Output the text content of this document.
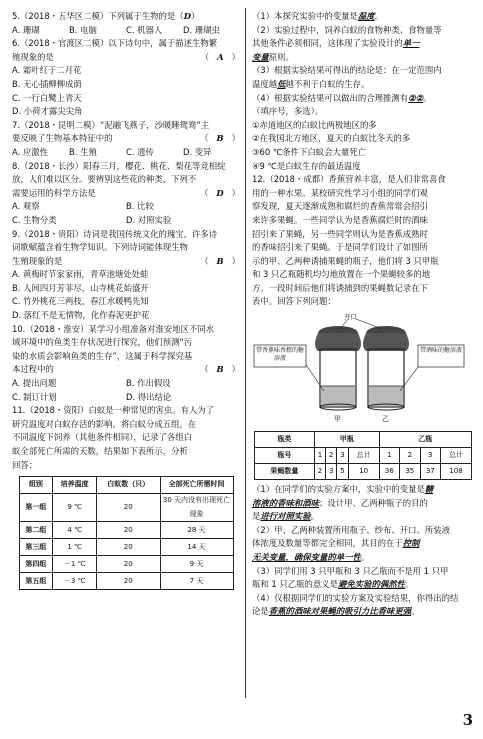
5.（2018・五华区二模）下列属于生物的是（D）
A. 珊瑚	B. 电脑	C. 机器人	D. 珊瑚虫
6.（2018・官渡区二模）以下诗句中，属于描述生物繁
殖现象的是	（   A   ）
A. 霜叶红于二月花
B. 无心插柳柳成荫
C. 一行白鹭上青天
D. 小荷才露尖尖角
7.（2018・昆明二模）“泥融飞燕子，沙暖睡鸳鸯”主
要反映了生物基本特征中的	（   B   ）
A. 应激性	B. 生殖	C. 遗传	D. 变异
8.（2018・长沙）阳春三月，樱花、桃花、梨花等竞相绽
放，人们难以区分。要辨别这些花的种类，下列不
需要运用的科学方法是	（   D   ）
A. 观察	B. 比较
C. 生物分类	D. 对照实验
9.（2018・贵阳）诗词是我国传统文化的瑰宝，许多诗
词歌赋蕴含着生物学知识。下列诗词能体现生物
生殖现象的是	（   B   ）
A. 黄梅时节家家雨，青草池塘处处蛙
B. 人间四月芳菲尽，山寺桃花始盛开
C. 竹外桃花三两枝，春江水暖鸭先知
D. 落红不是无情物，化作春泥更护花
10.（2018・淮安）某学习小组准备对淮安地区不同水
域环境中的鱼类生存状况进行探究，他们预测“污
染的水质会影响鱼类的生存”，这属于科学探究基
本过程中的	（   B   ）
A. 提出问题	B. 作出假设
C. 制订计划	D. 得出结论
11.（2018・资阳）白蚁是一种常见的害虫。有人为了
研究温度对白蚁存活的影响，将白蚁分成五组，在
不同温度下饲养（其他条件相同），记录了各组白
蚁全部死亡所需的天数，结果如下表所示，分析
回答：
组别	培养温度	白蚁数（只）	全部死亡所需时间
第一组	9 ℃	20	30 天内没有出现死亡现象
第二组	4 ℃	20	28 天
第三组	1 ℃	20	14 天
第四组	－1 ℃	20	9 天
第五组	－3 ℃	20	7 天
（1）本探究实验中的变量是温度。
（2）实验过程中，饲养白蚁的食物种类、食物量等
其他条件必须相同，这体现了实验设计的单一
变量原则。
（3）根据实验结果可得出的结论是：在一定范围内
温度越低越不利于白蚁的生存。
（4）根据实验结果可以做出的合理推测有②②。
（填序号，多选）。
①赤道地区的白蚁比两极地区的多
②在我国北方地区，夏天的白蚁比冬天的多
③60 ℃条件下白蚁会大量死亡
④9 ℃是白蚁生存的最适温度
12.（2018・成都）香蕉营养丰富，是人们非常喜食
用的一种水果。某校研究性学习小组的同学们观
察发现，夏天逐渐成熟和腐烂的香蕉常常会招引
来许多果蝇。一些同学认为是香蕉腐烂时的酒味
招引来了果蝇，另一些同学则认为是香蕉成熟时
的香味招引来了果蝇。于是同学们设计了如图所
示的甲、乙两种诱捕果蝇的瓶子，他们将 3 只甲瓶
和 3 只乙瓶随机均匀地放置在一个果蝇较多的地
方。一段时间后他们将诱捕到的果蝇数记录在下
表中。回答下列问题：
开口
带香蕉味香精的糖溶液
带酒味的糖溶液
甲	乙
瓶类	甲瓶				乙瓶			
瓶号	1	2	3	总计	1	2	3	总计
果蝇数量	2	3	5	10	36	35	37	108
（1）在同学们的实验方案中，实验中的变量是糖
溶液的香味和酒味；设计甲、乙两种瓶子的目的
是进行对照实验。
（2）甲、乙两种装置所用瓶子、纱布、开口、所装液
体浓度及数量等都完全相同，其目的在于控制
无关变量，确保变量的单一性。
（3）同学们用 3 只甲瓶和 3 只乙瓶而不是用 1 只甲
瓶和 1 只乙瓶的意义是避免实验的偶然性。
（4）仅根据同学们的实验方案及实验结果，你得出的结
论是香蕉的酒味对果蝇的吸引力比香味更强。
3
